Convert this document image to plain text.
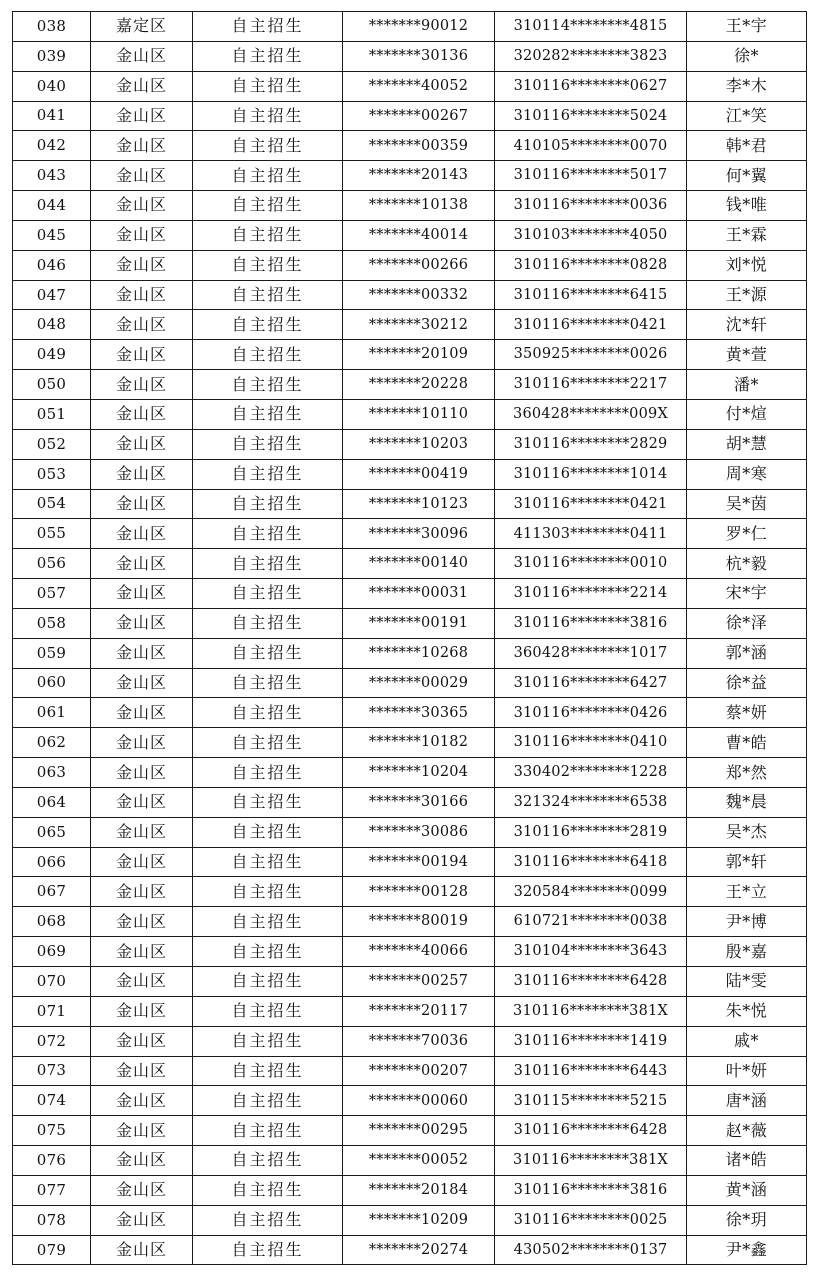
038	嘉定区	自主招生	*******90012	310114********4815	王*宇
039	金山区	自主招生	*******30136	320282********3823	徐*
040	金山区	自主招生	*******40052	310116********0627	李*木
041	金山区	自主招生	*******00267	310116********5024	江*笑
042	金山区	自主招生	*******00359	410105********0070	韩*君
043	金山区	自主招生	*******20143	310116********5017	何*翼
044	金山区	自主招生	*******10138	310116********0036	钱*唯
045	金山区	自主招生	*******40014	310103********4050	王*霖
046	金山区	自主招生	*******00266	310116********0828	刘*悦
047	金山区	自主招生	*******00332	310116********6415	王*源
048	金山区	自主招生	*******30212	310116********0421	沈*轩
049	金山区	自主招生	*******20109	350925********0026	黄*萱
050	金山区	自主招生	*******20228	310116********2217	潘*
051	金山区	自主招生	*******10110	360428********009X	付*煊
052	金山区	自主招生	*******10203	310116********2829	胡*慧
053	金山区	自主招生	*******00419	310116********1014	周*寒
054	金山区	自主招生	*******10123	310116********0421	吴*茵
055	金山区	自主招生	*******30096	411303********0411	罗*仁
056	金山区	自主招生	*******00140	310116********0010	杭*毅
057	金山区	自主招生	*******00031	310116********2214	宋*宇
058	金山区	自主招生	*******00191	310116********3816	徐*泽
059	金山区	自主招生	*******10268	360428********1017	郭*涵
060	金山区	自主招生	*******00029	310116********6427	徐*益
061	金山区	自主招生	*******30365	310116********0426	蔡*妍
062	金山区	自主招生	*******10182	310116********0410	曹*皓
063	金山区	自主招生	*******10204	330402********1228	郑*然
064	金山区	自主招生	*******30166	321324********6538	魏*晨
065	金山区	自主招生	*******30086	310116********2819	吴*杰
066	金山区	自主招生	*******00194	310116********6418	郭*轩
067	金山区	自主招生	*******00128	320584********0099	王*立
068	金山区	自主招生	*******80019	610721********0038	尹*博
069	金山区	自主招生	*******40066	310104********3643	殷*嘉
070	金山区	自主招生	*******00257	310116********6428	陆*雯
071	金山区	自主招生	*******20117	310116********381X	朱*悦
072	金山区	自主招生	*******70036	310116********1419	戚*
073	金山区	自主招生	*******00207	310116********6443	叶*妍
074	金山区	自主招生	*******00060	310115********5215	唐*涵
075	金山区	自主招生	*******00295	310116********6428	赵*薇
076	金山区	自主招生	*******00052	310116********381X	诸*皓
077	金山区	自主招生	*******20184	310116********3816	黄*涵
078	金山区	自主招生	*******10209	310116********0025	徐*玥
079	金山区	自主招生	*******20274	430502********0137	尹*鑫
